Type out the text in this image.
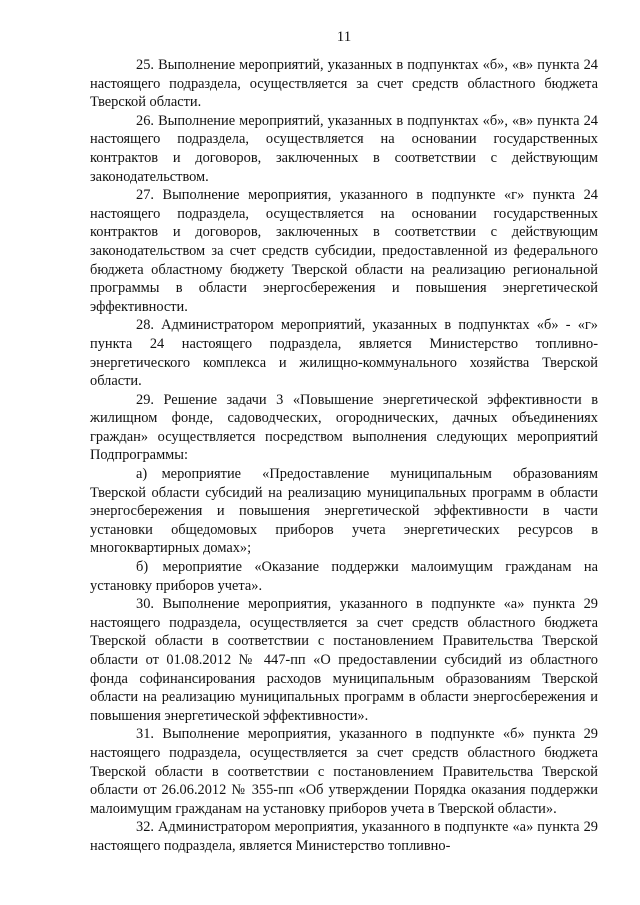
11

25. Выполнение мероприятий, указанных в подпунктах «б», «в» пункта 24 настоящего подраздела, осуществляется за счет средств областного бюджета Тверской области.

26. Выполнение мероприятий, указанных в подпунктах «б», «в» пункта 24 настоящего подраздела, осуществляется на основании государственных контрактов и договоров, заключенных в соответствии с действующим законодательством.

27. Выполнение мероприятия, указанного в подпункте «г» пункта 24 настоящего подраздела, осуществляется на основании государственных контрактов и договоров, заключенных в соответствии с действующим законодательством за счет средств субсидии, предоставленной из федерального бюджета областному бюджету Тверской области на реализацию региональной программы в области энергосбережения и повышения энергетической эффективности.

28. Администратором мероприятий, указанных в подпунктах «б» - «г» пункта 24 настоящего подраздела, является Министерство топливно-энергетического комплекса и жилищно-коммунального хозяйства Тверской области.

29. Решение задачи 3 «Повышение энергетической эффективности в жилищном фонде, садоводческих, огороднических, дачных объединениях граждан» осуществляется посредством выполнения следующих мероприятий Подпрограммы:

а) мероприятие «Предоставление муниципальным образованиям Тверской области субсидий на реализацию муниципальных программ в области энергосбережения и повышения энергетической эффективности в части установки общедомовых приборов учета энергетических ресурсов в многоквартирных домах»;

б) мероприятие «Оказание поддержки малоимущим гражданам на установку приборов учета».

30. Выполнение мероприятия, указанного в подпункте «а» пункта 29 настоящего подраздела, осуществляется за счет средств областного бюджета Тверской области в соответствии с постановлением Правительства Тверской области от 01.08.2012 № 447-пп «О предоставлении субсидий из областного фонда софинансирования расходов муниципальным образованиям Тверской области на реализацию муниципальных программ в области энергосбережения и повышения энергетической эффективности».

31. Выполнение мероприятия, указанного в подпункте «б» пункта 29 настоящего подраздела, осуществляется за счет средств областного бюджета Тверской области в соответствии с постановлением Правительства Тверской области от 26.06.2012 № 355-пп «Об утверждении Порядка оказания поддержки малоимущим гражданам на установку приборов учета в Тверской области».

32. Администратором мероприятия, указанного в подпункте «а» пункта 29 настоящего подраздела, является Министерство топливно-
